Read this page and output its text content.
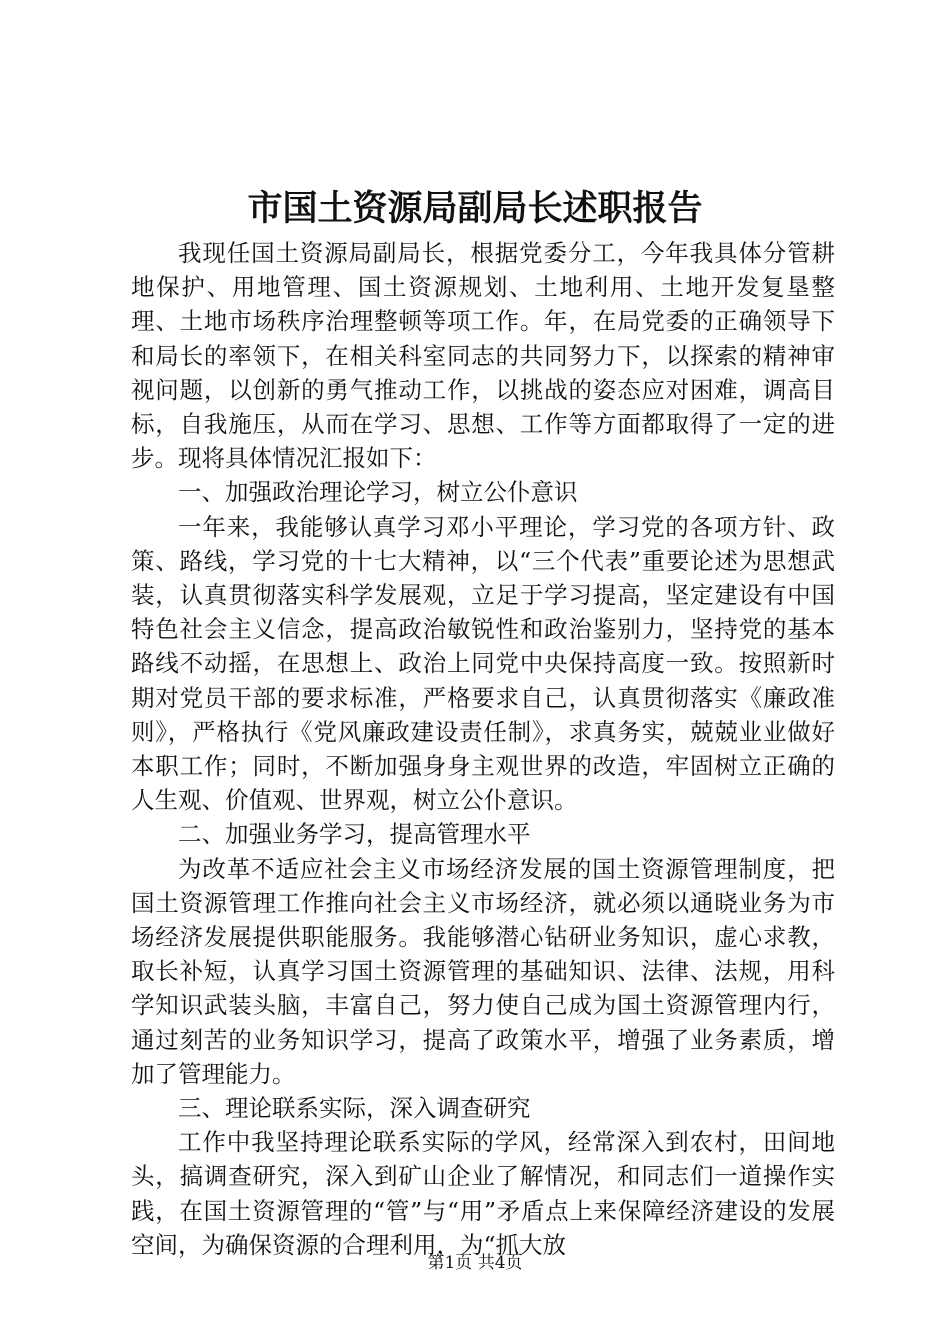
市国土资源局副局长述职报告

我现任国土资源局副局长，根据党委分工，今年我具体分管耕地保护、用地管理、国土资源规划、土地利用、土地开发复垦整理、土地市场秩序治理整顿等项工作。年，在局党委的正确领导下和局长的率领下，在相关科室同志的共同努力下，以探索的精神审视问题，以创新的勇气推动工作，以挑战的姿态应对困难，调高目标，自我施压，从而在学习、思想、工作等方面都取得了一定的进步。现将具体情况汇报如下：

一、加强政治理论学习，树立公仆意识

一年来，我能够认真学习邓小平理论，学习党的各项方针、政策、路线，学习党的十七大精神，以“三个代表”重要论述为思想武装，认真贯彻落实科学发展观，立足于学习提高，坚定建设有中国特色社会主义信念，提高政治敏锐性和政治鉴别力，坚持党的基本路线不动摇，在思想上、政治上同党中央保持高度一致。按照新时期对党员干部的要求标准，严格要求自己，认真贯彻落实《廉政准则》，严格执行《党风廉政建设责任制》，求真务实，兢兢业业做好本职工作；同时，不断加强身身主观世界的改造，牢固树立正确的人生观、价值观、世界观，树立公仆意识。

二、加强业务学习，提高管理水平

为改革不适应社会主义市场经济发展的国土资源管理制度，把国土资源管理工作推向社会主义市场经济，就必须以通晓业务为市场经济发展提供职能服务。我能够潜心钻研业务知识，虚心求教，取长补短，认真学习国土资源管理的基础知识、法律、法规，用科学知识武装头脑，丰富自己，努力使自己成为国土资源管理内行，通过刻苦的业务知识学习，提高了政策水平，增强了业务素质，增加了管理能力。

三、理论联系实际，深入调查研究

工作中我坚持理论联系实际的学风，经常深入到农村，田间地头，搞调查研究，深入到矿山企业了解情况，和同志们一道操作实践，在国土资源管理的“管”与“用”矛盾点上来保障经济建设的发展空间，为确保资源的合理利用，为“抓大放

第1页 共4页
